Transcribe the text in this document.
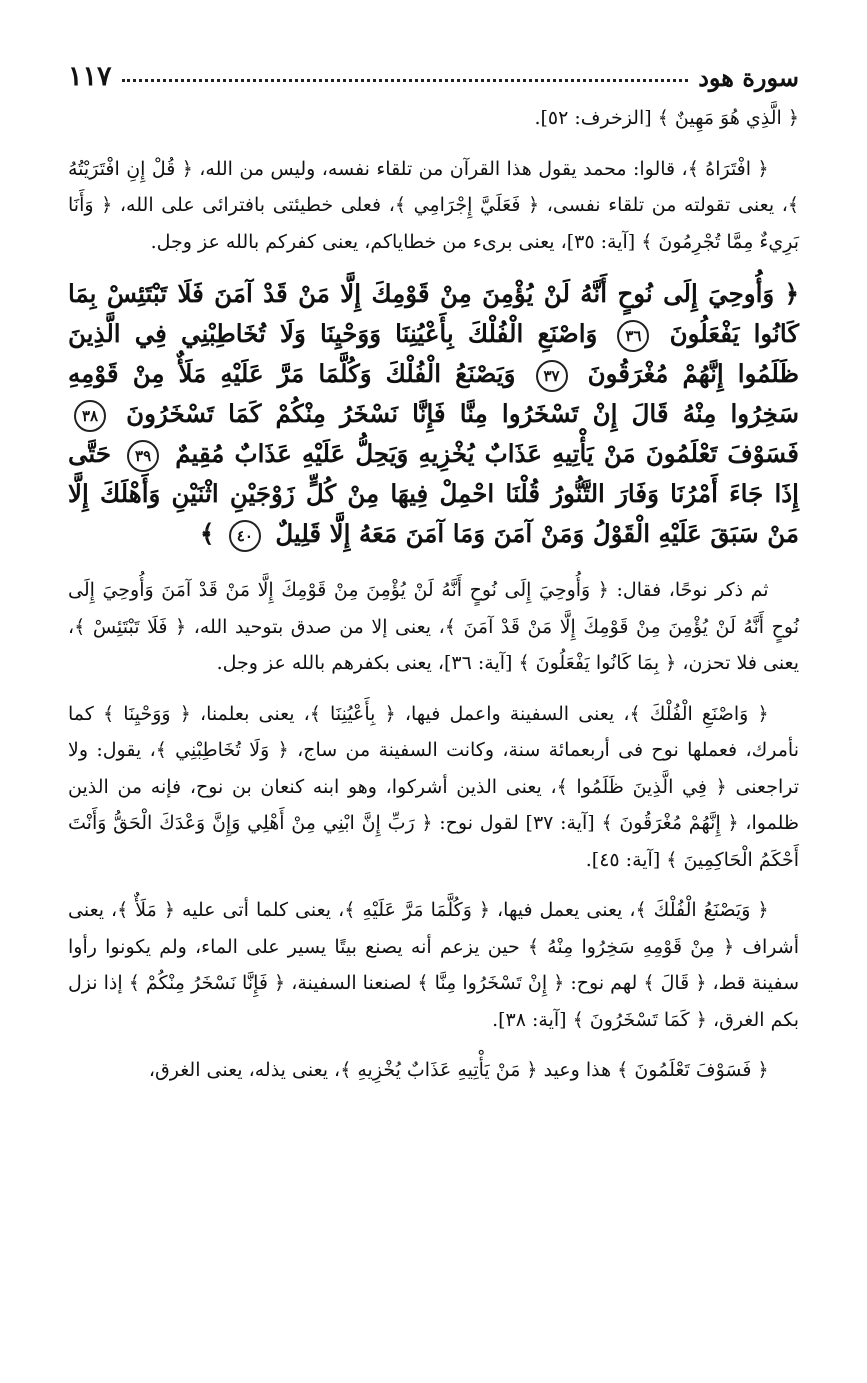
١١٧	سورة هود

﴿ الَّذِي هُوَ مَهِينٌ ﴾ [الزخرف: ٥٢].

﴿ افْتَرَاهُ ﴾، قالوا: محمد يقول هذا القرآن من تلقاء نفسه، وليس من الله، ﴿ قُلْ إِنِ افْتَرَيْتُهُ ﴾، يعنى تقولته من تلقاء نفسى، ﴿ فَعَلَيَّ إِجْرَامِي ﴾، فعلى خطيئتى بافترائى على الله، ﴿ وَأَنَا بَرِيءٌ مِمَّا تُجْرِمُونَ ﴾ [آية: ٣٥]، يعنى برىء من خطاياكم، يعنى كفركم بالله عز وجل.

﴿ وَأُوحِيَ إِلَى نُوحٍ أَنَّهُ لَنْ يُؤْمِنَ مِنْ قَوْمِكَ إِلَّا مَنْ قَدْ آمَنَ فَلَا تَبْتَئِسْ بِمَا كَانُوا يَفْعَلُونَ ٣٦ وَاصْنَعِ الْفُلْكَ بِأَعْيُنِنَا وَوَحْيِنَا وَلَا تُخَاطِبْنِي فِي الَّذِينَ ظَلَمُوا إِنَّهُمْ مُغْرَقُونَ ٣٧ وَيَصْنَعُ الْفُلْكَ وَكُلَّمَا مَرَّ عَلَيْهِ مَلَأٌ مِنْ قَوْمِهِ سَخِرُوا مِنْهُ قَالَ إِنْ تَسْخَرُوا مِنَّا فَإِنَّا نَسْخَرُ مِنْكُمْ كَمَا تَسْخَرُونَ ٣٨ فَسَوْفَ تَعْلَمُونَ مَنْ يَأْتِيهِ عَذَابٌ يُخْزِيهِ وَيَحِلُّ عَلَيْهِ عَذَابٌ مُقِيمٌ ٣٩ حَتَّى إِذَا جَاءَ أَمْرُنَا وَفَارَ التَّنُّورُ قُلْنَا احْمِلْ فِيهَا مِنْ كُلٍّ زَوْجَيْنِ اثْنَيْنِ وَأَهْلَكَ إِلَّا مَنْ سَبَقَ عَلَيْهِ الْقَوْلُ وَمَنْ آمَنَ وَمَا آمَنَ مَعَهُ إِلَّا قَلِيلٌ ٤٠ ﴾

ثم ذكر نوحًا، فقال: ﴿ وَأُوحِيَ إِلَى نُوحٍ أَنَّهُ لَنْ يُؤْمِنَ مِنْ قَوْمِكَ إِلَّا مَنْ قَدْ آمَنَ وَأُوحِيَ إِلَى نُوحٍ أَنَّهُ لَنْ يُؤْمِنَ مِنْ قَوْمِكَ إِلَّا مَنْ قَدْ آمَنَ ﴾، يعنى إلا من صدق بتوحيد الله، ﴿ فَلَا تَبْتَئِسْ ﴾، يعنى فلا تحزن، ﴿ بِمَا كَانُوا يَفْعَلُونَ ﴾ [آية: ٣٦]، يعنى بكفرهم بالله عز وجل.

﴿ وَاصْنَعِ الْفُلْكَ ﴾، يعنى السفينة واعمل فيها، ﴿ بِأَعْيُنِنَا ﴾، يعنى بعلمنا، ﴿ وَوَحْيِنَا ﴾ كما نأمرك، فعملها نوح فى أربعمائة سنة، وكانت السفينة من ساج، ﴿ وَلَا تُخَاطِبْنِي ﴾، يقول: ولا تراجعنى ﴿ فِي الَّذِينَ ظَلَمُوا ﴾، يعنى الذين أشركوا، وهو ابنه كنعان بن نوح، فإنه من الذين ظلموا، ﴿ إِنَّهُمْ مُغْرَقُونَ ﴾ [آية: ٣٧] لقول نوح: ﴿ رَبِّ إِنَّ ابْنِي مِنْ أَهْلِي وَإِنَّ وَعْدَكَ الْحَقُّ وَأَنْتَ أَحْكَمُ الْحَاكِمِينَ ﴾ [آية: ٤٥].

﴿ وَيَصْنَعُ الْفُلْكَ ﴾، يعنى يعمل فيها، ﴿ وَكُلَّمَا مَرَّ عَلَيْهِ ﴾، يعنى كلما أتى عليه ﴿ مَلَأٌ ﴾، يعنى أشراف ﴿ مِنْ قَوْمِهِ سَخِرُوا مِنْهُ ﴾ حين يزعم أنه يصنع بيتًا يسير على الماء، ولم يكونوا رأوا سفينة قط، ﴿ قَالَ ﴾ لهم نوح: ﴿ إِنْ تَسْخَرُوا مِنَّا ﴾ لصنعنا السفينة، ﴿ فَإِنَّا نَسْخَرُ مِنْكُمْ ﴾ إذا نزل بكم الغرق، ﴿ كَمَا تَسْخَرُونَ ﴾ [آية: ٣٨].

﴿ فَسَوْفَ تَعْلَمُونَ ﴾ هذا وعيد ﴿ مَنْ يَأْتِيهِ عَذَابٌ يُخْزِيهِ ﴾، يعنى يذله، يعنى الغرق،
